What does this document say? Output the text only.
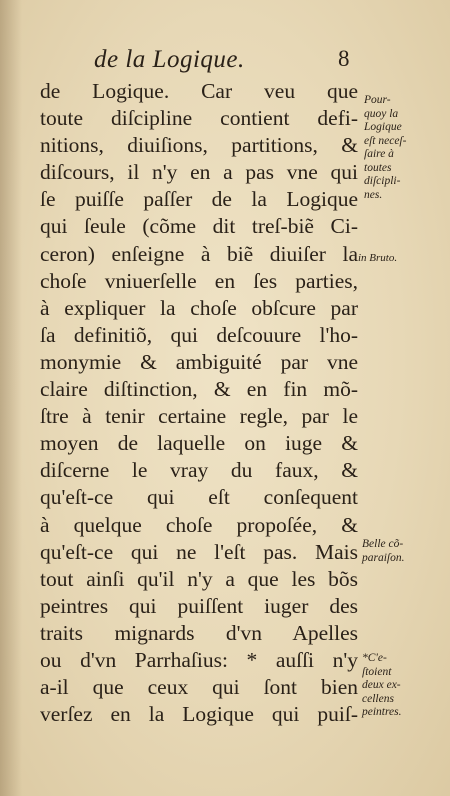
de la Logique.	8
de Logique. Car veu que
toute diſcipline contient defi-
nitions, diuiſions, partitions, &
diſcours, il n'y en a pas vne qui
ſe puiſſe paſſer de la Logique
qui ſeule (cõme dit treſ-biẽ Ci-
ceron) enſeigne à biẽ diuiſer la
choſe vniuerſelle en ſes parties,
à expliquer la choſe obſcure par
ſa definitiõ, qui deſcouure l'ho-
monymie & ambiguité par vne
claire diſtinction, & en fin mõ-
ſtre à tenir certaine regle, par le
moyen de laquelle on iuge &
diſcerne le vray du faux, &
qu'eſt-ce qui eſt conſequent
à quelque choſe propoſée, &
qu'eſt-ce qui ne l'eſt pas. Mais
tout ainſi qu'il n'y a que les bõs
peintres qui puiſſent iuger des
traits mignards d'vn Apelles
ou d'vn Parrhaſius: * auſſi n'y
a-il que ceux qui ſont bien
verſez en la Logique qui puiſ-
Pour-
quoy la
Logique
eſt neceſ-
ſaire à
toutes
diſcipli-
nes.
in Bruto.
Belle cõ-
paraiſon.
*C'e-
ſtoient
deux ex-
cellens
peintres.
